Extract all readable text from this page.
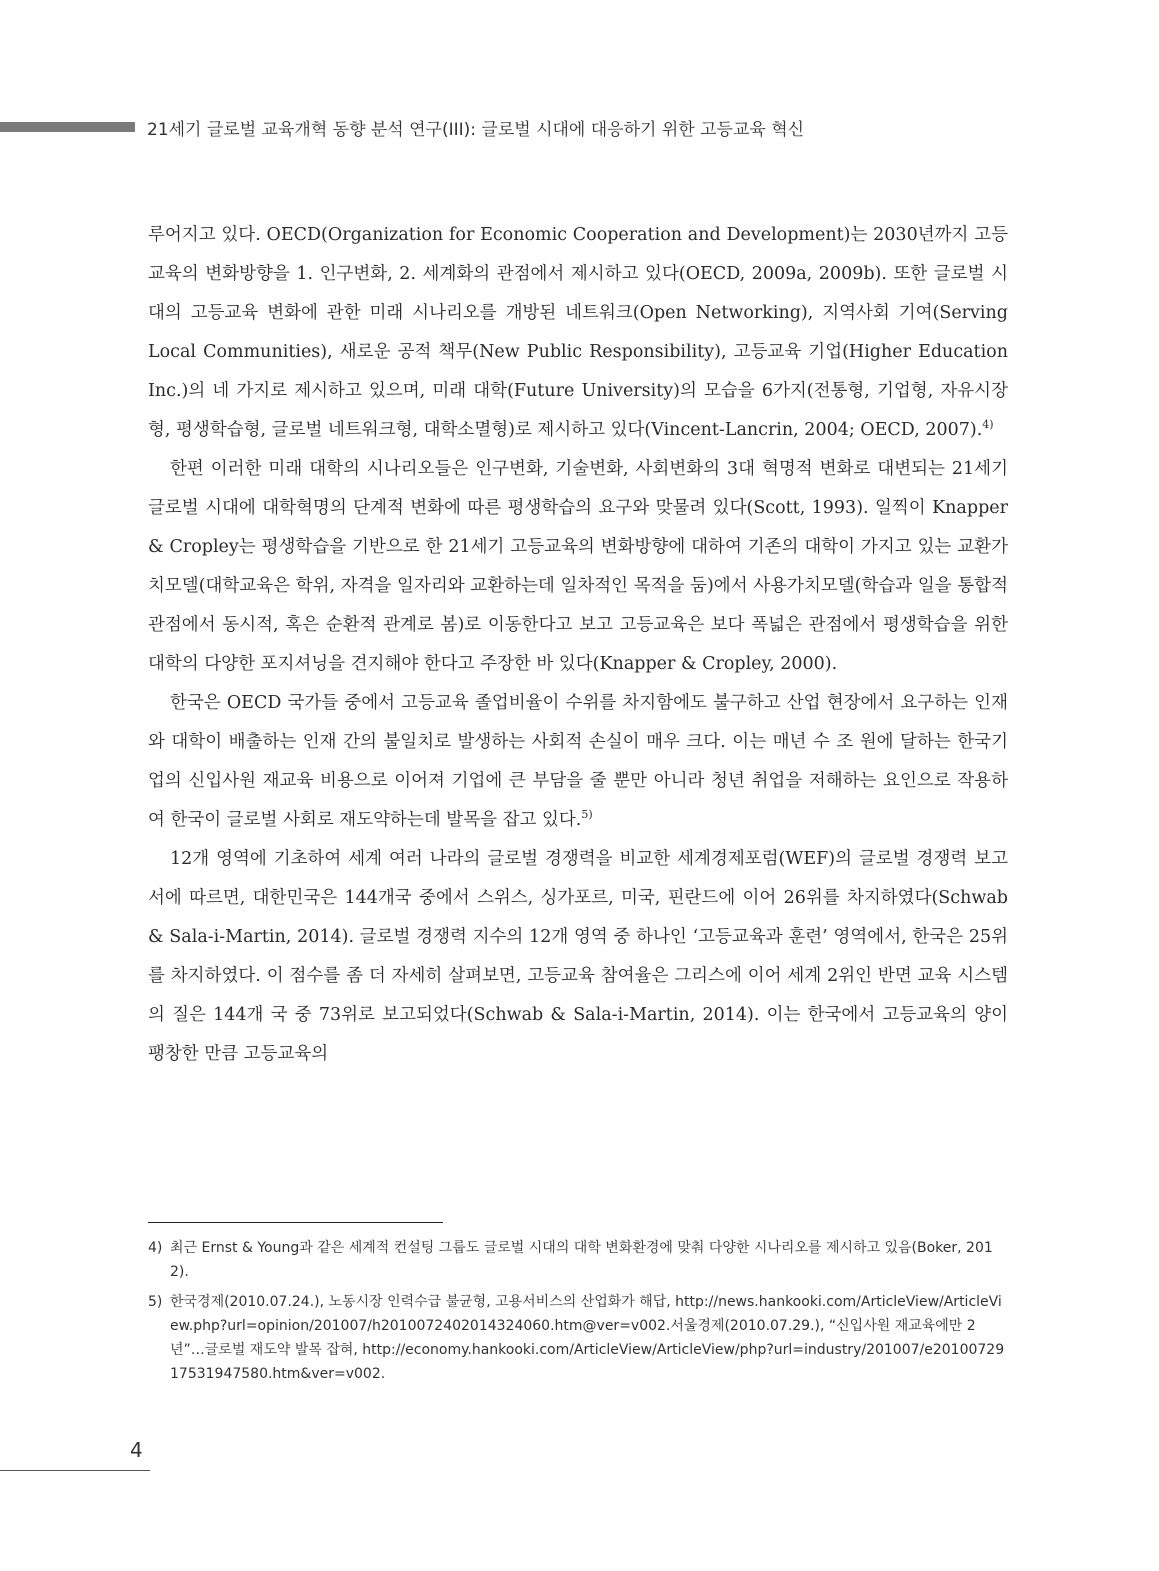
21세기 글로벌 교육개혁 동향 분석 연구(III): 글로벌 시대에 대응하기 위한 고등교육 혁신

루어지고 있다. OECD(Organization for Economic Cooperation and Development)는 2030년까지 고등교육의 변화방향을 1. 인구변화, 2. 세계화의 관점에서 제시하고 있다(OECD, 2009a, 2009b). 또한 글로벌 시대의 고등교육 변화에 관한 미래 시나리오를 개방된 네트워크(Open Networking), 지역사회 기여(Serving Local Communities), 새로운 공적 책무(New Public Responsibility), 고등교육 기업(Higher Education Inc.)의 네 가지로 제시하고 있으며, 미래 대학(Future University)의 모습을 6가지(전통형, 기업형, 자유시장형, 평생학습형, 글로벌 네트워크형, 대학소멸형)로 제시하고 있다(Vincent-Lancrin, 2004; OECD, 2007).$^{4)}$

한편 이러한 미래 대학의 시나리오들은 인구변화, 기술변화, 사회변화의 3대 혁명적 변화로 대변되는 21세기 글로벌 시대에 대학혁명의 단계적 변화에 따른 평생학습의 요구와 맞물려 있다(Scott, 1993). 일찍이 Knapper & Cropley는 평생학습을 기반으로 한 21세기 고등교육의 변화방향에 대하여 기존의 대학이 가지고 있는 교환가치모델(대학교육은 학위, 자격을 일자리와 교환하는데 일차적인 목적을 둠)에서 사용가치모델(학습과 일을 통합적 관점에서 동시적, 혹은 순환적 관계로 봄)로 이동한다고 보고 고등교육은 보다 폭넓은 관점에서 평생학습을 위한 대학의 다양한 포지셔닝을 견지해야 한다고 주장한 바 있다(Knapper & Cropley, 2000).

한국은 OECD 국가들 중에서 고등교육 졸업비율이 수위를 차지함에도 불구하고 산업 현장에서 요구하는 인재와 대학이 배출하는 인재 간의 불일치로 발생하는 사회적 손실이 매우 크다. 이는 매년 수 조 원에 달하는 한국기업의 신입사원 재교육 비용으로 이어져 기업에 큰 부담을 줄 뿐만 아니라 청년 취업을 저해하는 요인으로 작용하여 한국이 글로벌 사회로 재도약하는데 발목을 잡고 있다.$^{5)}$

12개 영역에 기초하여 세계 여러 나라의 글로벌 경쟁력을 비교한 세계경제포럼(WEF)의 글로벌 경쟁력 보고서에 따르면, 대한민국은 144개국 중에서 스위스, 싱가포르, 미국, 핀란드에 이어 26위를 차지하였다(Schwab & Sala-i-Martin, 2014). 글로벌 경쟁력 지수의 12개 영역 중 하나인 ‘고등교육과 훈련’ 영역에서, 한국은 25위를 차지하였다. 이 점수를 좀 더 자세히 살펴보면, 고등교육 참여율은 그리스에 이어 세계 2위인 반면 교육 시스템의 질은 144개 국 중 73위로 보고되었다(Schwab & Sala-i-Martin, 2014). 이는 한국에서 고등교육의 양이 팽창한 만큼 고등교육의

4) 최근 Ernst & Young과 같은 세계적 컨설팅 그룹도 글로벌 시대의 대학 변화환경에 맞춰 다양한 시나리오를 제시하고 있음(Boker, 2012).
5) 한국경제(2010.07.24.), 노동시장 인력수급 불균형, 고용서비스의 산업화가 해답, http://news.hankooki.com/ArticleView/ArticleView.php?url=opinion/201007/h2010072402014324060.htm@ver=v002.서울경제(2010.07.29.), “신입사원 재교육에만 2년”…글로벌 재도약 발목 잡혀, http://economy.hankooki.com/ArticleView/ArticleView/php?url=industry/201007/e2010072917531947580.htm&ver=v002.
4
